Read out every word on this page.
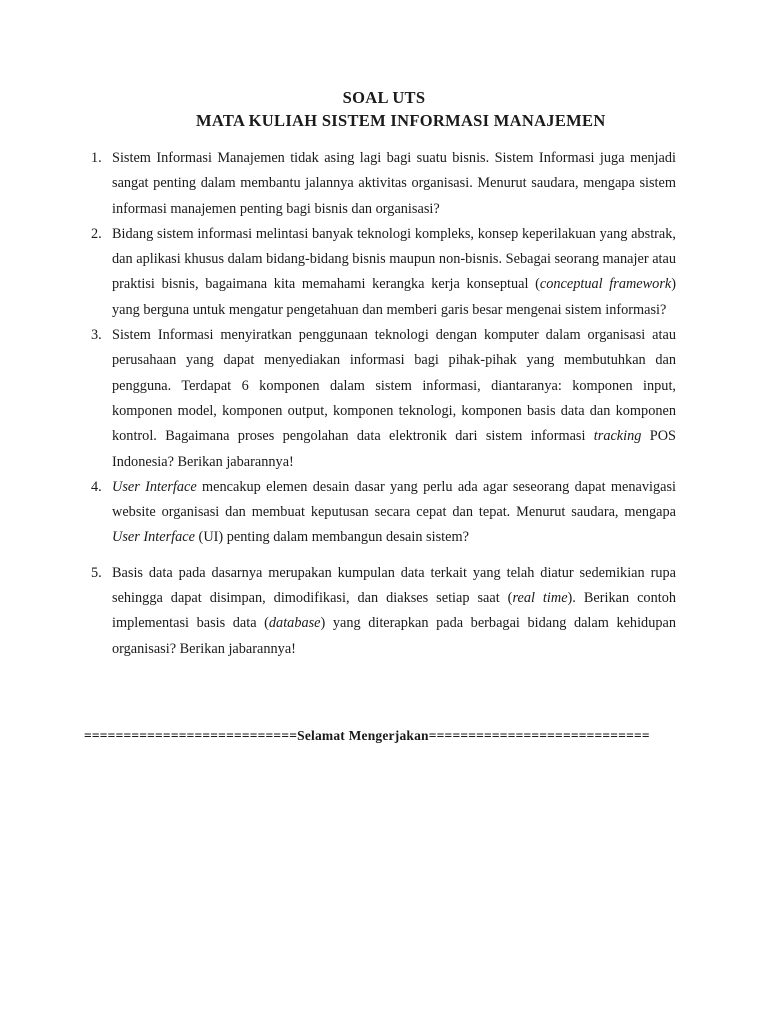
SOAL UTS
MATA KULIAH SISTEM INFORMASI MANAJEMEN
1. Sistem Informasi Manajemen tidak asing lagi bagi suatu bisnis. Sistem Informasi juga menjadi sangat penting dalam membantu jalannya aktivitas organisasi. Menurut saudara, mengapa sistem informasi manajemen penting bagi bisnis dan organisasi?
2. Bidang sistem informasi melintasi banyak teknologi kompleks, konsep keperilakuan yang abstrak, dan aplikasi khusus dalam bidang-bidang bisnis maupun non-bisnis. Sebagai seorang manajer atau praktisi bisnis, bagaimana kita memahami kerangka kerja konseptual (conceptual framework) yang berguna untuk mengatur pengetahuan dan memberi garis besar mengenai sistem informasi?
3. Sistem Informasi menyiratkan penggunaan teknologi dengan komputer dalam organisasi atau perusahaan yang dapat menyediakan informasi bagi pihak-pihak yang membutuhkan dan pengguna. Terdapat 6 komponen dalam sistem informasi, diantaranya: komponen input, komponen model, komponen output, komponen teknologi, komponen basis data dan komponen kontrol. Bagaimana proses pengolahan data elektronik dari sistem informasi tracking POS Indonesia? Berikan jabarannya!
4. User Interface mencakup elemen desain dasar yang perlu ada agar seseorang dapat menavigasi website organisasi dan membuat keputusan secara cepat dan tepat. Menurut saudara, mengapa User Interface (UI) penting dalam membangun desain sistem?
5. Basis data pada dasarnya merupakan kumpulan data terkait yang telah diatur sedemikian rupa sehingga dapat disimpan, dimodifikasi, dan diakses setiap saat (real time). Berikan contoh implementasi basis data (database) yang diterapkan pada berbagai bidang dalam kehidupan organisasi? Berikan jabarannya!
===========================Selamat Mengerjakan============================
